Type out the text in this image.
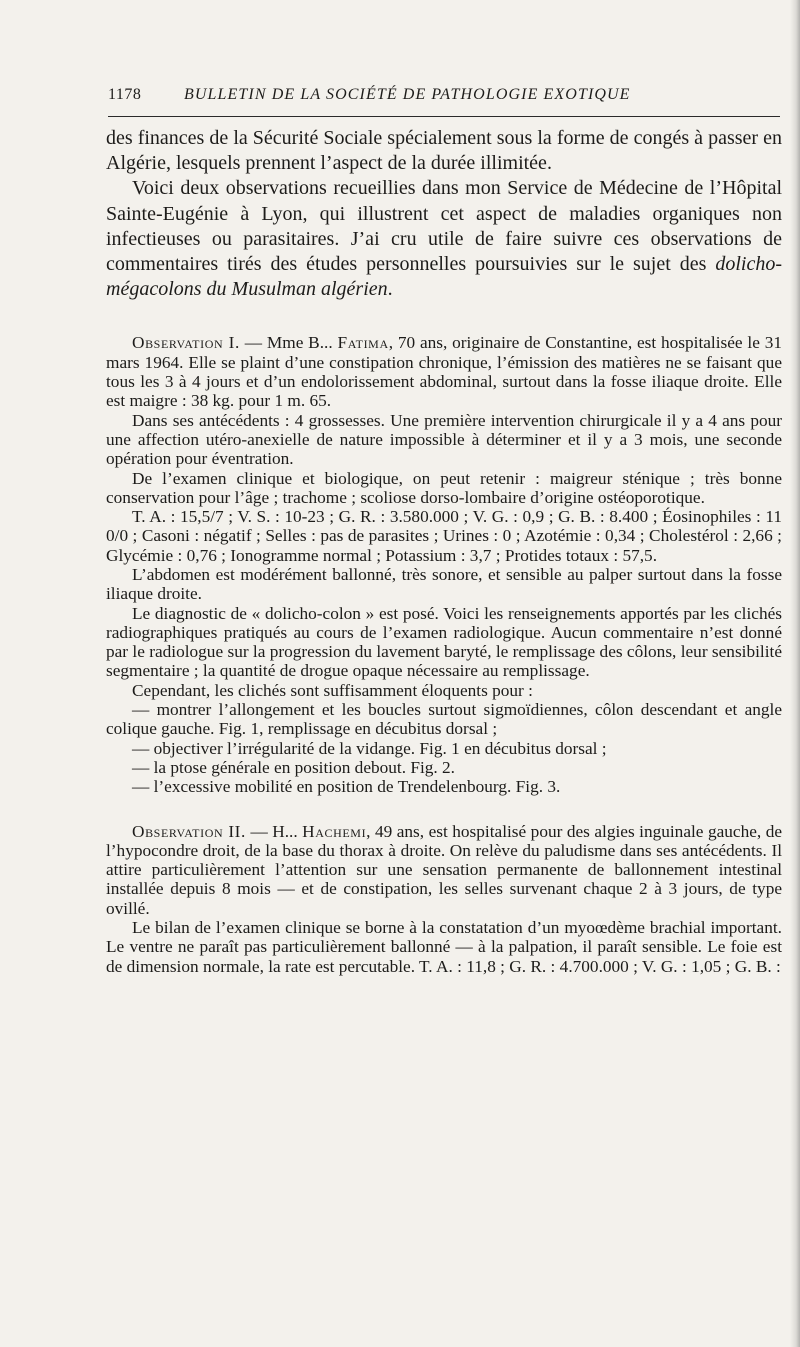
1178	BULLETIN DE LA SOCIÉTÉ DE PATHOLOGIE EXOTIQUE

des finances de la Sécurité Sociale spécialement sous la forme de congés à passer en Algérie, lesquels prennent l’aspect de la durée illimitée.

Voici deux observations recueillies dans mon Service de Médecine de l’Hôpital Sainte-Eugénie à Lyon, qui illustrent cet aspect de maladies organiques non infectieuses ou parasitaires. J’ai cru utile de faire suivre ces observations de commentaires tirés des études personnelles poursuivies sur le sujet des dolicho-mégacolons du Musulman algérien.

Observation I. — Mme B... Fatima, 70 ans, originaire de Constantine, est hospitalisée le 31 mars 1964. Elle se plaint d’une constipation chronique, l’émission des matières ne se faisant que tous les 3 à 4 jours et d’un endolorissement abdominal, surtout dans la fosse iliaque droite. Elle est maigre : 38 kg. pour 1 m. 65.

Dans ses antécédents : 4 grossesses. Une première intervention chirurgicale il y a 4 ans pour une affection utéro-anexielle de nature impossible à déterminer et il y a 3 mois, une seconde opération pour éventration.

De l’examen clinique et biologique, on peut retenir : maigreur sténique ; très bonne conservation pour l’âge ; trachome ; scoliose dorso-lombaire d’origine ostéoporotique.

T. A. : 15,5/7 ; V. S. : 10-23 ; G. R. : 3.580.000 ; V. G. : 0,9 ; G. B. : 8.400 ; Éosinophiles : 11 0/0 ; Casoni : négatif ; Selles : pas de parasites ; Urines : 0 ; Azotémie : 0,34 ; Cholestérol : 2,66 ; Glycémie : 0,76 ; Ionogramme normal ; Potassium : 3,7 ; Protides totaux : 57,5.

L’abdomen est modérément ballonné, très sonore, et sensible au palper surtout dans la fosse iliaque droite.

Le diagnostic de « dolicho-colon » est posé. Voici les renseignements apportés par les clichés radiographiques pratiqués au cours de l’examen radiologique. Aucun commentaire n’est donné par le radiologue sur la progression du lavement baryté, le remplissage des côlons, leur sensibilité segmentaire ; la quantité de drogue opaque nécessaire au remplissage.

Cependant, les clichés sont suffisamment éloquents pour :

— montrer l’allongement et les boucles surtout sigmoïdiennes, côlon descendant et angle colique gauche. Fig. 1, remplissage en décubitus dorsal ;

— objectiver l’irrégularité de la vidange. Fig. 1 en décubitus dorsal ;

— la ptose générale en position debout. Fig. 2.

— l’excessive mobilité en position de Trendelenbourg. Fig. 3.

Observation II. — H... Hachemi, 49 ans, est hospitalisé pour des algies inguinale gauche, de l’hypocondre droit, de la base du thorax à droite. On relève du paludisme dans ses antécédents. Il attire particulièrement l’attention sur une sensation permanente de ballonnement intestinal installée depuis 8 mois — et de constipation, les selles survenant chaque 2 à 3 jours, de type ovillé.

Le bilan de l’examen clinique se borne à la constatation d’un myoœdème brachial important. Le ventre ne paraît pas particulièrement ballonné — à la palpation, il paraît sensible. Le foie est de dimension normale, la rate est percutable. T. A. : 11,8 ; G. R. : 4.700.000 ; V. G. : 1,05 ; G. B. :
